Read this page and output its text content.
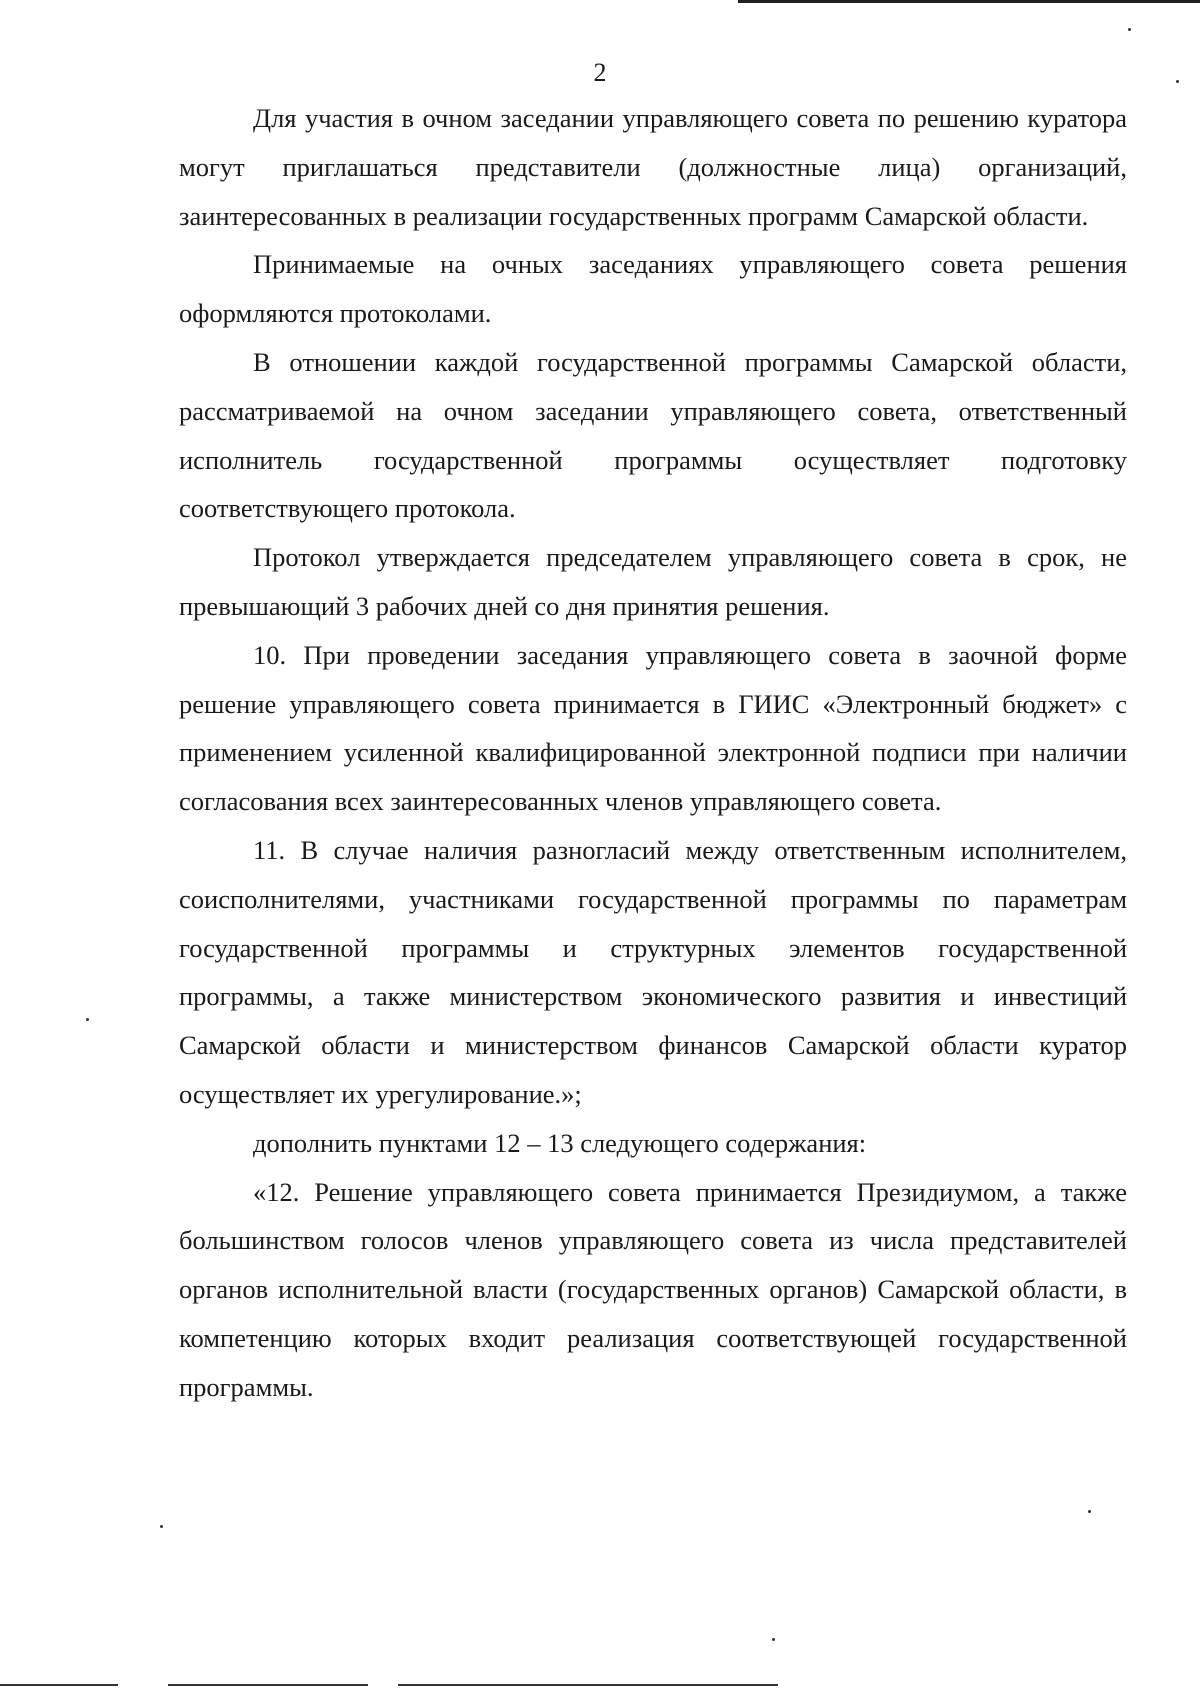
2

Для участия в очном заседании управляющего совета по решению куратора могут приглашаться представители (должностные лица) организаций, заинтересованных в реализации государственных программ Самарской области.

Принимаемые на очных заседаниях управляющего совета решения оформляются протоколами.

В отношении каждой государственной программы Самарской области, рассматриваемой на очном заседании управляющего совета, ответственный исполнитель государственной программы осуществляет подготовку соответствующего протокола.

Протокол утверждается председателем управляющего совета в срок, не превышающий 3 рабочих дней со дня принятия решения.

10. При проведении заседания управляющего совета в заочной форме решение управляющего совета принимается в ГИИС «Электронный бюджет» с применением усиленной квалифицированной электронной подписи при наличии согласования всех заинтересованных членов управляющего совета.

11. В случае наличия разногласий между ответственным исполнителем, соисполнителями, участниками государственной программы по параметрам государственной программы и структурных элементов государственной программы, а также министерством экономического развития и инвестиций Самарской области и министерством финансов Самарской области куратор осуществляет их урегулирование.»;

дополнить пунктами 12 – 13 следующего содержания:

«12. Решение управляющего совета принимается Президиумом, а также большинством голосов членов управляющего совета из числа представителей органов исполнительной власти (государственных органов) Самарской области, в компетенцию которых входит реализация соответствующей государственной программы.
